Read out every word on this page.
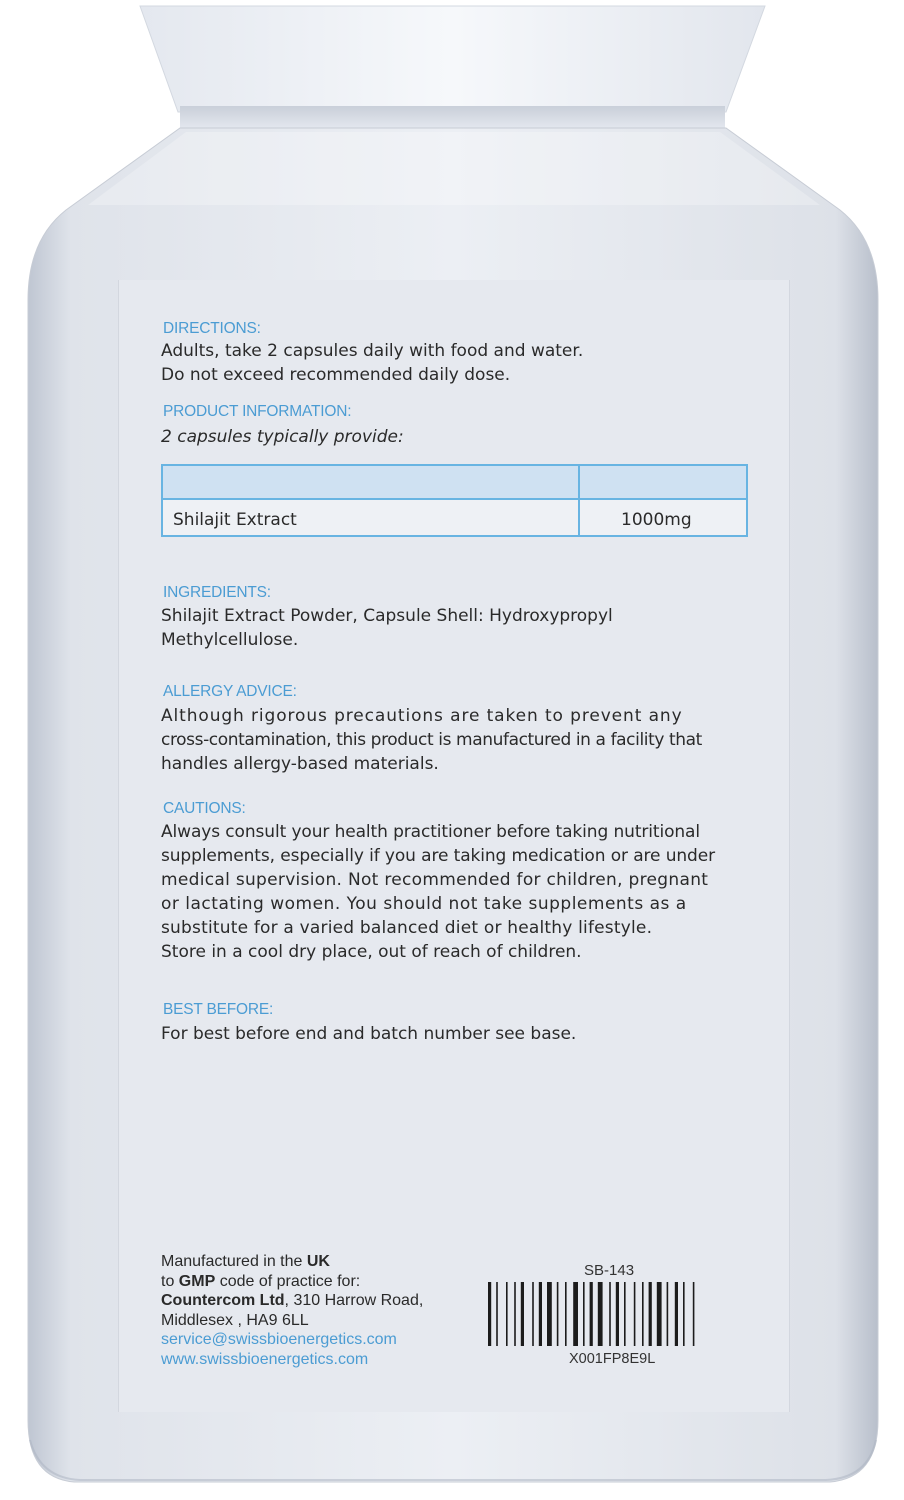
DIRECTIONS:

Adults, take 2 capsules daily with food and water.
Do not exceed recommended daily dose.

PRODUCT INFORMATION:

2 capsules typically provide:

Shilajit Extract	1000mg
INGREDIENTS:

Shilajit Extract Powder, Capsule Shell: Hydroxypropyl
Methylcellulose.

ALLERGY ADVICE:

Although rigorous precautions are taken to prevent any
cross-contamination, this product is manufactured in a facility that
handles allergy-based materials.

CAUTIONS:

Always consult your health practitioner before taking nutritional
supplements, especially if you are taking medication or are under
medical supervision. Not recommended for children, pregnant
or lactating women. You should not take supplements as a
substitute for a varied balanced diet or healthy lifestyle.
Store in a cool dry place, out of reach of children.

BEST BEFORE:

For best before end and batch number see base.

Manufactured in the UK
to GMP code of practice for:
Countercom Ltd, 310 Harrow Road,
Middlesex , HA9 6LL
service@swissbioenergetics.com
www.swissbioenergetics.com
SB-143
X001FP8E9L
